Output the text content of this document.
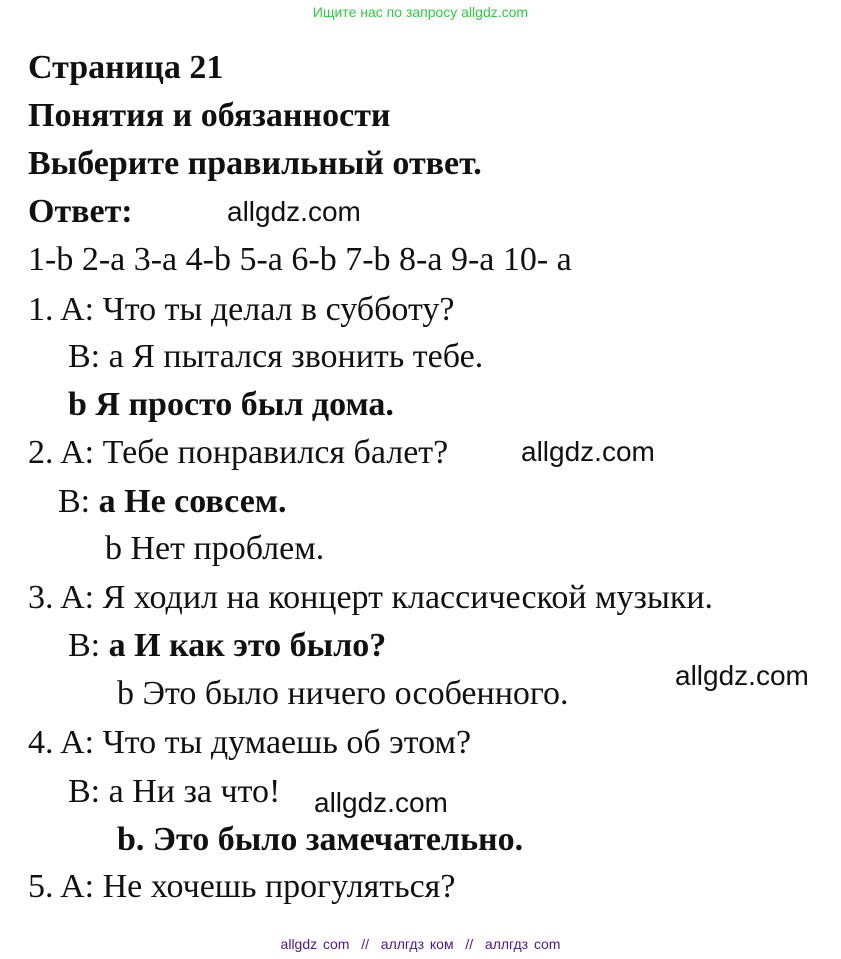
Ищите нас по запросу allgdz.com
Страница 21
Понятия и обязанности
Выберите правильный ответ.
Ответ:
1-b 2-a 3-a 4-b 5-a 6-b 7-b 8-a 9-a 10- a
1. A: Что ты делал в субботу?
B: a Я пытался звонить тебе.
b Я просто был дома.
2. A: Тебе понравился балет?
B: a Не совсем.
b Нет проблем.
3. A: Я ходил на концерт классической музыки.
B: a И как это было?
b Это было ничего особенного.
4. A: Что ты думаешь об этом?
B: a Ни за что!
b. Это было замечательно.
5. A: Не хочешь прогуляться?
allgdz.com
allgdz.com
allgdz.com
allgdz.com
allgdz com  //  аллгдз ком  //  аллгдз com
